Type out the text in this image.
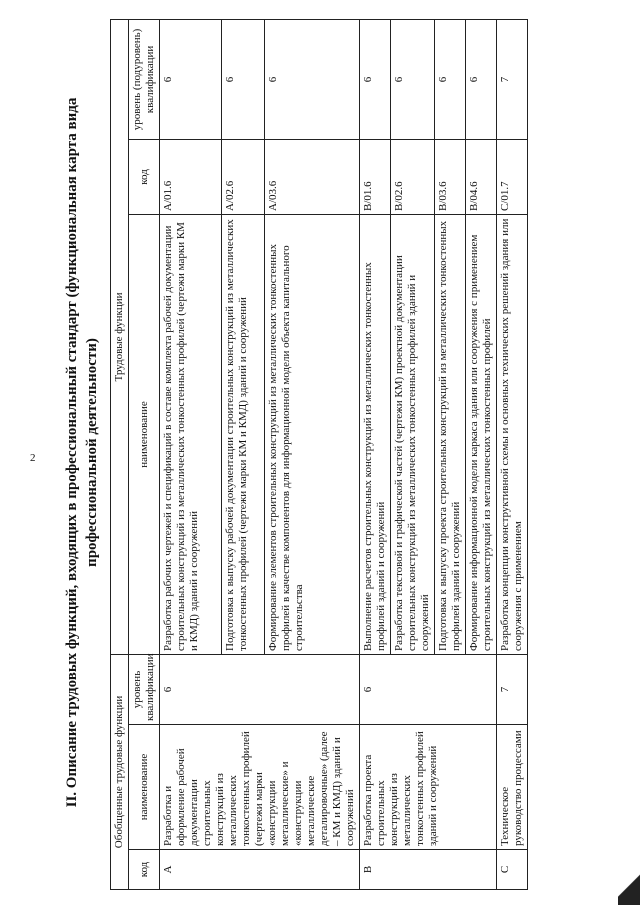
2 II. Описание трудовых функций, входящих в профессиональный стандарт (функциональная карта вида профессиональной деятельности)
Обобщенные трудовые функции			Трудовые функции		
код	наименование	уровень квалификации	наименование	код	уровень (подуровень) квалификации
А	Разработка и оформление рабочей документации строительных конструкций из металлических тонкостенных профилей (чертежи марки «конструкции металлические» и «конструкции металлические деталировочные» (далее – КМ и КМД) зданий и сооружений	6	Разработка рабочих чертежей и спецификаций в составе комплекта рабочей документации строительных конструкций из металлических тонкостенных профилей (чертежи марки КМ и КМД) зданий и сооружений	A/01.6	6
			Подготовка к выпуску рабочей документации строительных конструкций из металлических тонкостенных профилей (чертежи марки КМ и КМД) зданий и сооружений	A/02.6	6
			Формирование элементов строительных конструкций из металлических тонкостенных профилей в качестве компонентов для информационной модели объекта капитального строительства	A/03.6	6
В	Разработка проекта строительных конструкций из металлических тонкостенных профилей зданий и сооружений	6	Выполнение расчетов строительных конструкций из металлических тонкостенных профилей зданий и сооружений	B/01.6	6
			Разработка текстовой и графической частей (чертежи КМ) проектной документации строительных конструкций из металлических тонкостенных профилей зданий и сооружений	B/02.6	6
			Подготовка к выпуску проекта строительных конструкций из металлических тонкостенных профилей зданий и сооружений	B/03.6	6
			Формирование информационной модели каркаса здания или сооружения с применением строительных конструкций из металлических тонкостенных профилей	B/04.6	6
С	Техническое руководство процессами	7	Разработка концепции конструктивной схемы и основных технических решений здания или сооружения с применением	C/01.7	7
